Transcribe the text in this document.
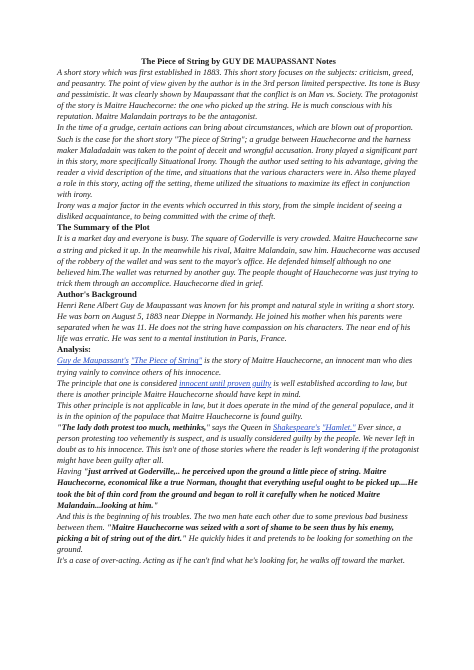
The Piece of String by GUY DE MAUPASSANT Notes

A short story which was first established in 1883. This short story focuses on the subjects: criticism, greed, and peasantry. The point of view given by the author is in the 3rd person limited perspective. Its tone is Busy and pessimistic. It was clearly shown by Maupassant that the conflict is on Man vs. Society. The protagonist of the story is Maitre Hauchecorne: the one who picked up the string. He is much conscious with his reputation. Maitre Malandain portrays to be the antagonist.

In the time of a grudge, certain actions can bring about circumstances, which are blown out of proportion. Such is the case for the short story "The piece of String"; a grudge between Hauchecorne and the harness maker Maladadain was taken to the point of deceit and wrongful accusation. Irony played a significant part in this story, more specifically Situational Irony. Though the author used setting to his advantage, giving the reader a vivid description of the time, and situations that the various characters were in. Also theme played a role in this story, acting off the setting, theme utilized the situations to maximize its effect in conjunction with irony.

Irony was a major factor in the events which occurred in this story, from the simple incident of seeing a disliked acquaintance, to being committed with the crime of theft.

The Summary of the Plot

It is a market day and everyone is busy. The square of Goderville is very crowded. Maitre Hauchecorne saw a string and picked it up. In the meanwhile his rival, Maitre Malandain, saw him. Hauchecorne was accused of the robbery of the wallet and was sent to the mayor's office. He defended himself although no one believed him.The wallet was returned by another guy. The people thought of Hauchecorne was just trying to trick them through an accomplice. Hauchecorne died in grief.

Author's Background

Henri Rene Albert Guy de Maupassant was known for his prompt and natural style in writing a short story. He was born on August 5, 1883 near Dieppe in Normandy. He joined his mother when his parents were separated when he was 11. He does not the string have compassion on his characters. The near end of his life was erratic. He was sent to a mental institution in Paris, France.

Analysis:

Guy de Maupassant's "The Piece of String" is the story of Maitre Hauchecorne, an innocent man who dies trying vainly to convince others of his innocence.

The principle that one is considered innocent until proven guilty is well established according to law, but there is another principle Maitre Hauchecorne should have kept in mind.

This other principle is not applicable in law, but it does operate in the mind of the general populace, and it is in the opinion of the populace that Maitre Hauchecorne is found guilty.

"The lady doth protest too much, methinks," says the Queen in Shakespeare's "Hamlet." Ever since, a person protesting too vehemently is suspect, and is usually considered guilty by the people. We never left in doubt as to his innocence. This isn't one of those stories where the reader is left wondering if the protagonist might have been guilty after all.

Having "just arrived at Goderville,.. he perceived upon the ground a little piece of string. Maitre Hauchecorne, economical like a true Norman, thought that everything useful ought to be picked up....He took the bit of thin cord from the ground and began to roll it carefully when he noticed Maitre Malandain...looking at him."

And this is the beginning of his troubles. The two men hate each other due to some previous bad business between them. "Maitre Hauchecorne was seized with a sort of shame to be seen thus by his enemy, picking a bit of string out of the dirt." He quickly hides it and pretends to be looking for something on the ground.

It's a case of over-acting. Acting as if he can't find what he's looking for, he walks off toward the market.
